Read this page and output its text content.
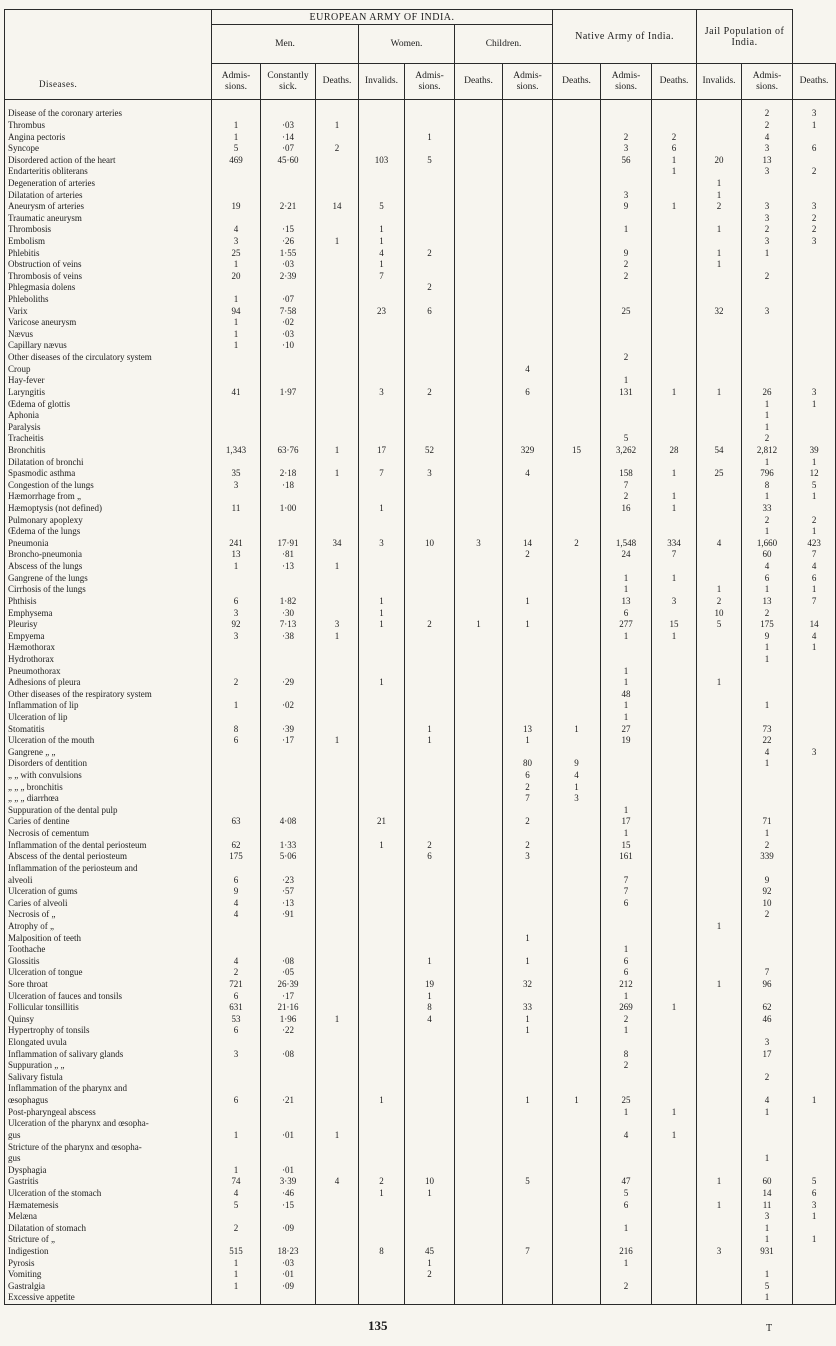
Diseases.	EUROPEAN ARMY OF INDIA.							Native Army of India.			Jail Population of India.		
	Men.			Women.		Children.							
	Admis-sions.	Constantly sick.	Deaths.	Invalids.	Admis-sions.	Deaths.	Admis-sions.	Deaths.	Admis-sions.	Deaths.	Invalids.	Admis-sions.	Deaths.

Disease of the coronary arteries												2	3
Thrombus	1	·03	1									2	1
Angina pectoris	1	·14			1				2	2		4	
Syncope	5	·07	2						3	6		3	6
Disordered action of the heart	469	45·60		103	5				56	1	20	13	
Endarteritis obliterans										1		3	2
Degeneration of arteries											1		
Dilatation of arteries									3		1		
Aneurysm of arteries	19	2·21	14	5					9	1	2	3	3
Traumatic aneurysm												3	2
Thrombosis	4	·15		1					1		1	2	2
Embolism	3	·26	1	1								3	3
Phlebitis	25	1·55		4	2				9		1	1	
Obstruction of veins	1	·03		1					2		1		
Thrombosis of veins	20	2·39		7					2			2	
Phlegmasia dolens					2								
Phleboliths	1	·07											
Varix	94	7·58		23	6				25		32	3	
Varicose aneurysm	1	·02											
Nævus	1	·03											
Capillary nævus	1	·10											
Other diseases of the circulatory system									2				
Croup							4						
Hay-fever									1				
Laryngitis	41	1·97		3	2		6		131	1	1	26	3
Œdema of glottis												1	1
Aphonia												1	
Paralysis												1	
Tracheitis									5			2	
Bronchitis	1,343	63·76	1	17	52		329	15	3,262	28	54	2,812	39
Dilatation of bronchi												1	1
Spasmodic asthma	35	2·18	1	7	3		4		158	1	25	796	12
Congestion of the lungs	3	·18							7			8	5
Hæmorrhage from „									2	1		1	1
Hæmoptysis (not defined)	11	1·00		1					16	1		33	
Pulmonary apoplexy												2	2
Œdema of the lungs												1	1
Pneumonia	241	17·91	34	3	10	3	14	2	1,548	334	4	1,660	423
Broncho-pneumonia	13	·81					2		24	7		60	7
Abscess of the lungs	1	·13	1									4	4
Gangrene of the lungs									1	1		6	6
Cirrhosis of the lungs									1		1	1	1
Phthisis	6	1·82		1			1		13	3	2	13	7
Emphysema	3	·30		1					6		10	2	
Pleurisy	92	7·13	3	1	2	1	1		277	15	5	175	14
Empyema	3	·38	1						1	1		9	4
Hæmothorax												1	1
Hydrothorax												1	
Pneumothorax									1				
Adhesions of pleura	2	·29		1					1		1		
Other diseases of the respiratory system									48				
Inflammation of lip	1	·02							1			1	
Ulceration of lip									1				
Stomatitis	8	·39			1		13	1	27			73	
Ulceration of the mouth	6	·17	1		1		1		19			22	
Gangrene „ „												4	3
Disorders of dentition							80	9				1	
„ „ with convulsions							6	4					
„ „ „ bronchitis							2	1					
„ „ „ diarrhœa							7	3					
Suppuration of the dental pulp									1				
Caries of dentine	63	4·08		21			2		17			71	
Necrosis of cementum									1			1	
Inflammation of the dental periosteum	62	1·33		1	2		2		15			2	
Abscess of the dental periosteum	175	5·06			6		3		161			339	
Inflammation of the periosteum and													
alveoli	6	·23							7			9	
Ulceration of gums	9	·57							7			92	
Caries of alveoli	4	·13							6			10	
Necrosis of „	4	·91										2	
Atrophy of „											1		
Malposition of teeth							1						
Toothache									1				
Glossitis	4	·08			1		1		6				
Ulceration of tongue	2	·05							6			7	
Sore throat	721	26·39			19		32		212		1	96	
Ulceration of fauces and tonsils	6	·17			1				1				
Follicular tonsillitis	631	21·16			8		33		269	1		62	
Quinsy	53	1·96	1		4		1		2			46	
Hypertrophy of tonsils	6	·22					1		1				
Elongated uvula												3	
Inflammation of salivary glands	3	·08							8			17	
Suppuration „ „									2				
Salivary fistula												2	
Inflammation of the pharynx and													
œsophagus	6	·21		1			1	1	25			4	1
Post-pharyngeal abscess									1	1		1	
Ulceration of the pharynx and œsopha-													
gus	1	·01	1						4	1			
Stricture of the pharynx and œsopha-													
gus												1	
Dysphagia	1	·01											
Gastritis	74	3·39	4	2	10		5		47		1	60	5
Ulceration of the stomach	4	·46		1	1				5			14	6
Hæmatemesis	5	·15							6		1	11	3
Melæna												3	1
Dilatation of stomach	2	·09							1			1	
Stricture of „												1	1
Indigestion	515	18·23		8	45		7		216		3	931	
Pyrosis	1	·03			1				1				
Vomiting	1	·01			2							1	
Gastralgia	1	·09							2			5	
Excessive appetite												1	
135	T
